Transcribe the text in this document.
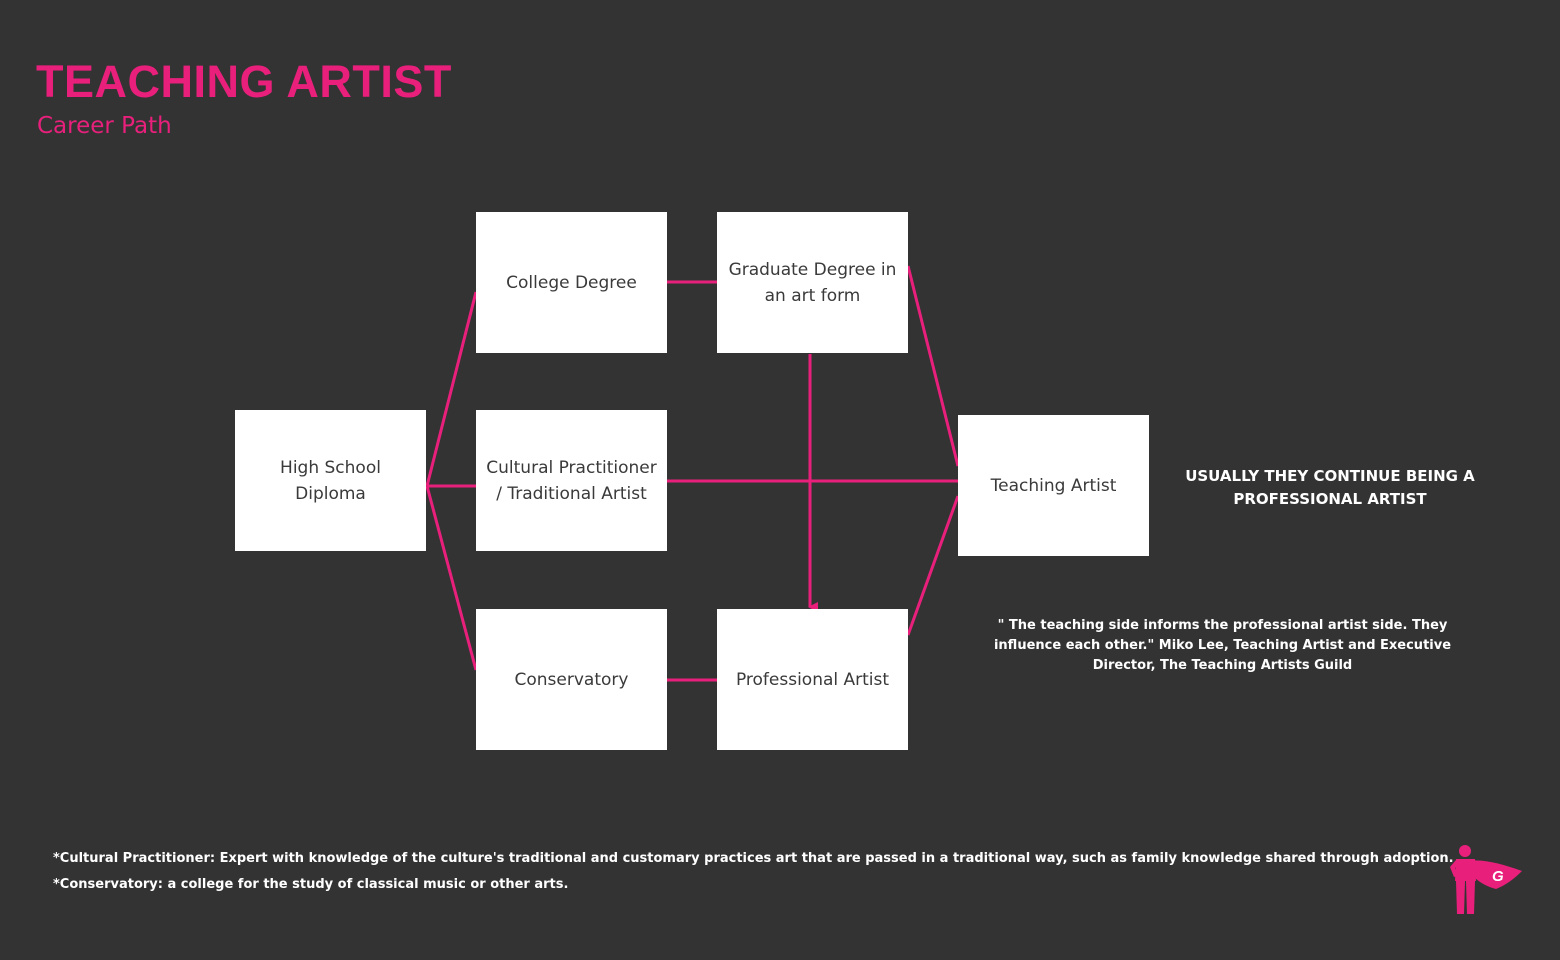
TEACHING ARTIST
Career Path
High School Diploma
College Degree
Graduate Degree in an art form
Cultural Practitioner / Traditional Artist
Conservatory	Professional Artist
Teaching Artist	USUALLY THEY CONTINUE BEING A PROFESSIONAL ARTIST
" The teaching side informs the professional artist side. They influence each other." Miko Lee, Teaching Artist and Executive Director, The Teaching Artists Guild
*Cultural Practitioner: Expert with knowledge of the culture's traditional and customary practices art that are passed in a traditional way, such as family knowledge shared through adoption.
*Conservatory: a college for the study of classical music or other arts.	G
